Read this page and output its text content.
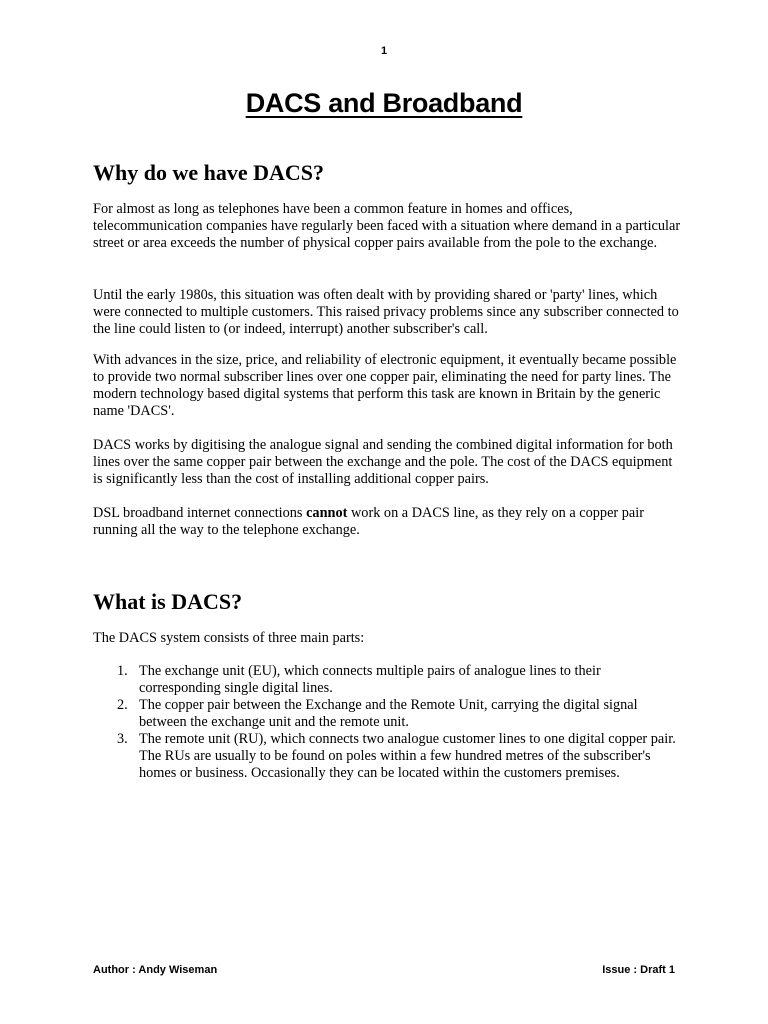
1
DACS and Broadband
Why do we have DACS?

For almost as long as telephones have been a common feature in homes and offices, telecommunication companies have regularly been faced with a situation where demand in a particular street or area exceeds the number of physical copper pairs available from the pole to the exchange.

Until the early 1980s, this situation was often dealt with by providing shared or 'party' lines, which were connected to multiple customers. This raised privacy problems since any subscriber connected to the line could listen to (or indeed, interrupt) another subscriber's call.

With advances in the size, price, and reliability of electronic equipment, it eventually became possible to provide two normal subscriber lines over one copper pair, eliminating the need for party lines. The modern technology based digital systems that perform this task are known in Britain by the generic name 'DACS'.

DACS works by digitising the analogue signal and sending the combined digital information for both lines over the same copper pair between the exchange and the pole. The cost of the DACS equipment is significantly less than the cost of installing additional copper pairs.

DSL broadband internet connections cannot work on a DACS line, as they rely on a copper pair running all the way to the telephone exchange.

What is DACS?

The DACS system consists of three main parts:

1. The exchange unit (EU), which connects multiple pairs of analogue lines to their corresponding single digital lines.
2. The copper pair between the Exchange and the Remote Unit, carrying the digital signal between the exchange unit and the remote unit.
3. The remote unit (RU), which connects two analogue customer lines to one digital copper pair. The RUs are usually to be found on poles within a few hundred metres of the subscriber's homes or business. Occasionally they can be located within the customers premises.
Author : Andy Wiseman	Issue : Draft 1
